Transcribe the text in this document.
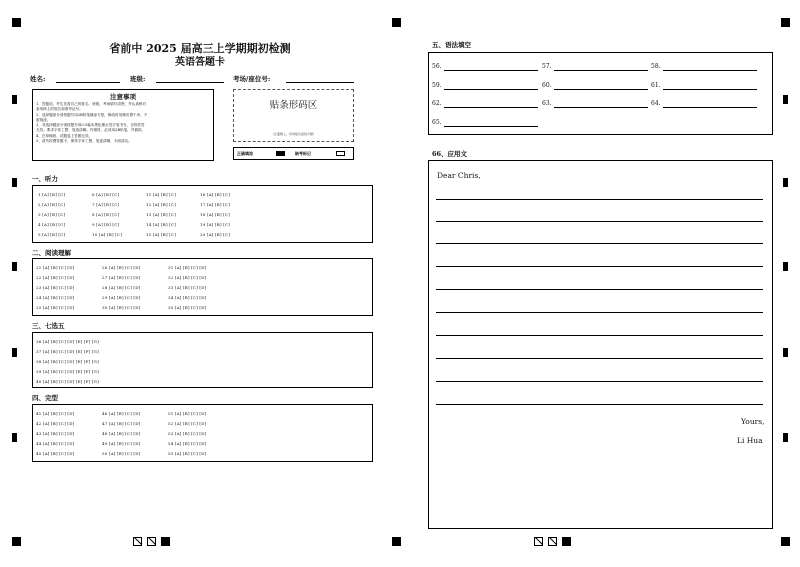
省前中 2025 届高三上学期期初检测
英语答题卡
姓名:	班级:	考场/座位号:
注意事项
1、答题前，考生先将自己的姓名、班级、考场填写清楚，并认真核对
条形码上的姓名和准考证号。
2、选择题部分请按题号用2B铅笔填涂方框，修改时用橡皮擦干净，不
留痕迹。
3、非选择题部分请按题号用0.5毫米黑色墨水签字笔书写，否则作答
无效。要求字体工整、笔迹清晰。作图时，必须用2B铅笔，并描浓。
4、在草稿纸、试题卷上答题无效。
5、请勿折叠答题卡，保持字体工整，笔迹清晰、卡面清洁。
贴条形码区
（正面朝上，切勿贴出虚线方框）
正确填涂	缺考标记
一、听力
1 [A] [B] [C]	6 [A] [B] [C]	11 [A] [B] [C]	16 [A] [B] [C]
2 [A] [B] [C]	7 [A] [B] [C]	12 [A] [B] [C]	17 [A] [B] [C]
3 [A] [B] [C]	8 [A] [B] [C]	13 [A] [B] [C]	18 [A] [B] [C]
4 [A] [B] [C]	9 [A] [B] [C]	14 [A] [B] [C]	19 [A] [B] [C]
5 [A] [B] [C]	10 [A] [B] [C]	15 [A] [B] [C]	20 [A] [B] [C]
二、阅读理解
21 [A] [B] [C] [D]	26 [A] [B] [C] [D]	31 [A] [B] [C] [D]
22 [A] [B] [C] [D]	27 [A] [B] [C] [D]	32 [A] [B] [C] [D]
23 [A] [B] [C] [D]	28 [A] [B] [C] [D]	33 [A] [B] [C] [D]
24 [A] [B] [C] [D]	29 [A] [B] [C] [D]	34 [A] [B] [C] [D]
25 [A] [B] [C] [D]	30 [A] [B] [C] [D]	35 [A] [B] [C] [D]
三、七选五
36 [A] [B] [C] [D] [E] [F] [G]
37 [A] [B] [C] [D] [E] [F] [G]
38 [A] [B] [C] [D] [E] [F] [G]
39 [A] [B] [C] [D] [E] [F] [G]
40 [A] [B] [C] [D] [E] [F] [G]
四、完型
41 [A] [B] [C] [D]	46 [A] [B] [C] [D]	51 [A] [B] [C] [D]
42 [A] [B] [C] [D]	47 [A] [B] [C] [D]	52 [A] [B] [C] [D]
43 [A] [B] [C] [D]	48 [A] [B] [C] [D]	53 [A] [B] [C] [D]
44 [A] [B] [C] [D]	49 [A] [B] [C] [D]	54 [A] [B] [C] [D]
45 [A] [B] [C] [D]	50 [A] [B] [C] [D]	55 [A] [B] [C] [D]
五、语法填空
56.	57.	58.
59.	60.	61.
62.	63.	64.
65.
66、应用文
Dear Chris,
Yours,
Li Hua
